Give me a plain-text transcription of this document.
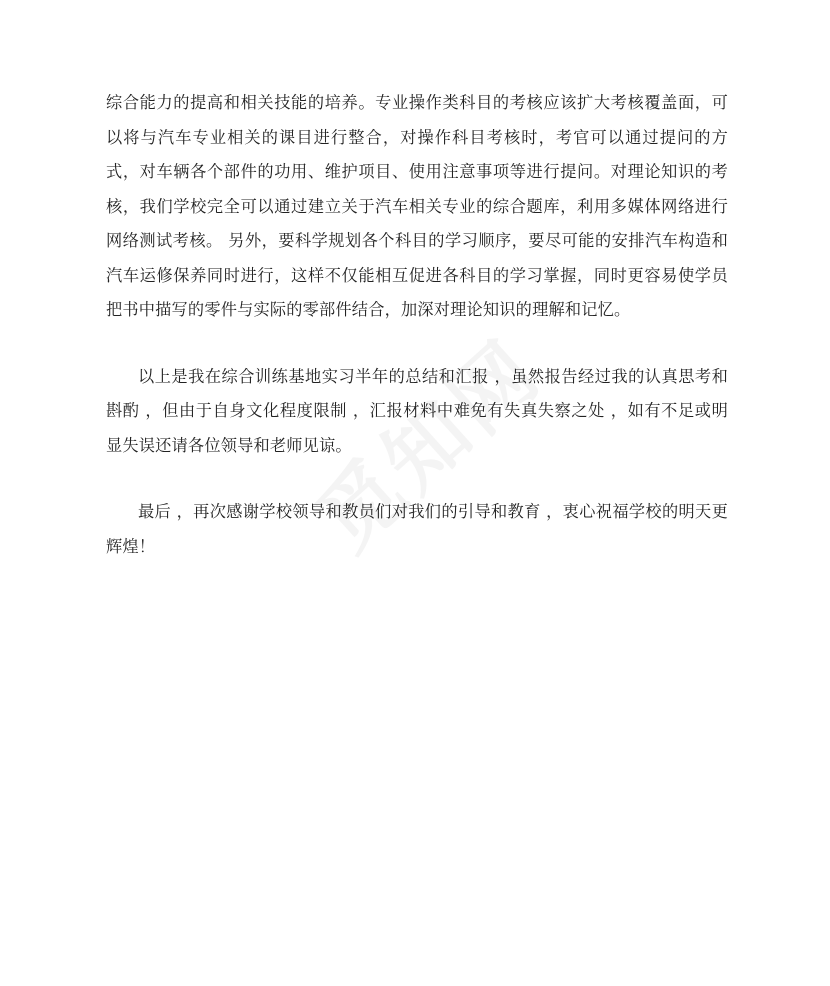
综合能力的提高和相关技能的培养。专业操作类科目的考核应该扩大考核覆盖面，可以将与汽车专业相关的课目进行整合，对操作科目考核时，考官可以通过提问的方式，对车辆各个部件的功用、维护项目、使用注意事项等进行提问。对理论知识的考核，我们学校完全可以通过建立关于汽车相关专业的综合题库，利用多媒体网络进行网络测试考核。 另外，要科学规划各个科目的学习顺序，要尽可能的安排汽车构造和汽车运修保养同时进行，这样不仅能相互促进各科目的学习掌握，同时更容易使学员把书中描写的零件与实际的零部件结合，加深对理论知识的理解和记忆。

以上是我在综合训练基地实习半年的总结和汇报 ，虽然报告经过我的认真思考和斟酌 ，但由于自身文化程度限制 ，汇报材料中难免有失真失察之处 ，如有不足或明显失误还请各位领导和老师见谅。

最后 ，再次感谢学校领导和教员们对我们的引导和教育 ，衷心祝福学校的明天更辉煌！
